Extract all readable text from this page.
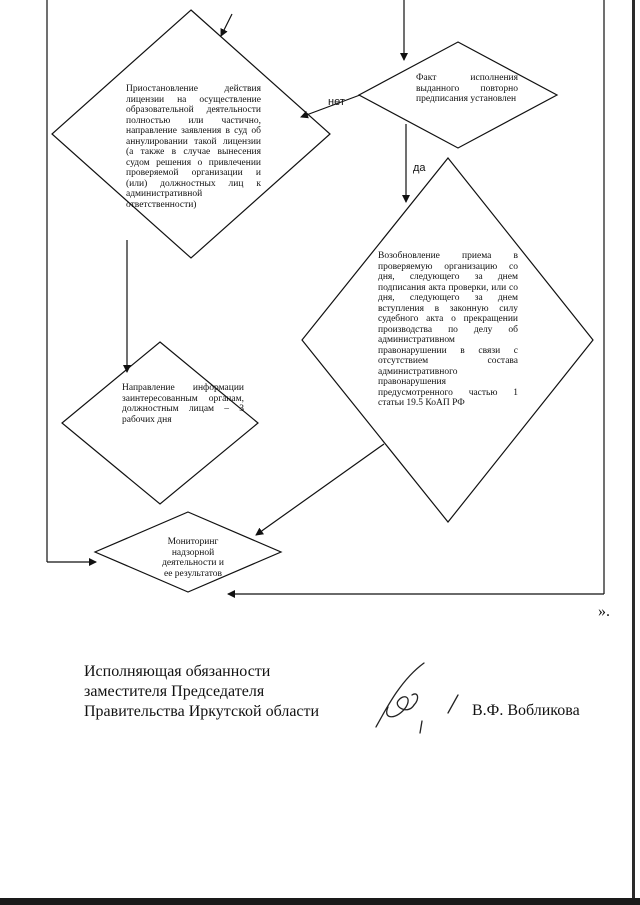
Приостановление действия лицензии на осуществление образовательной деятельности полностью или частично, направление заявления в суд об аннулировании такой лицензии (а также в случае вынесения судом решения о привлечении проверяемой организации и (или) должностных лиц к административной ответственности)
Факт исполнения выданного повторно предписания установлен
Возобновление приема в проверяемую организацию со дня, следующего за днем подписания акта проверки, или со дня, следующего за днем вступления в законную силу судебного акта о прекращении производства по делу об административном правонарушении в связи с отсутствием состава административного правонарушения предусмотренного частью 1 статьи 19.5 КоАП РФ
Направление информации заинтересованным органам, должностным лицам – 3 рабочих дня
Мониторинг надзорной деятельности и ее результатов
нет
да
».
Исполняющая обязанности
заместителя Председателя
Правительства Иркутской области	В.Ф. Вобликова
